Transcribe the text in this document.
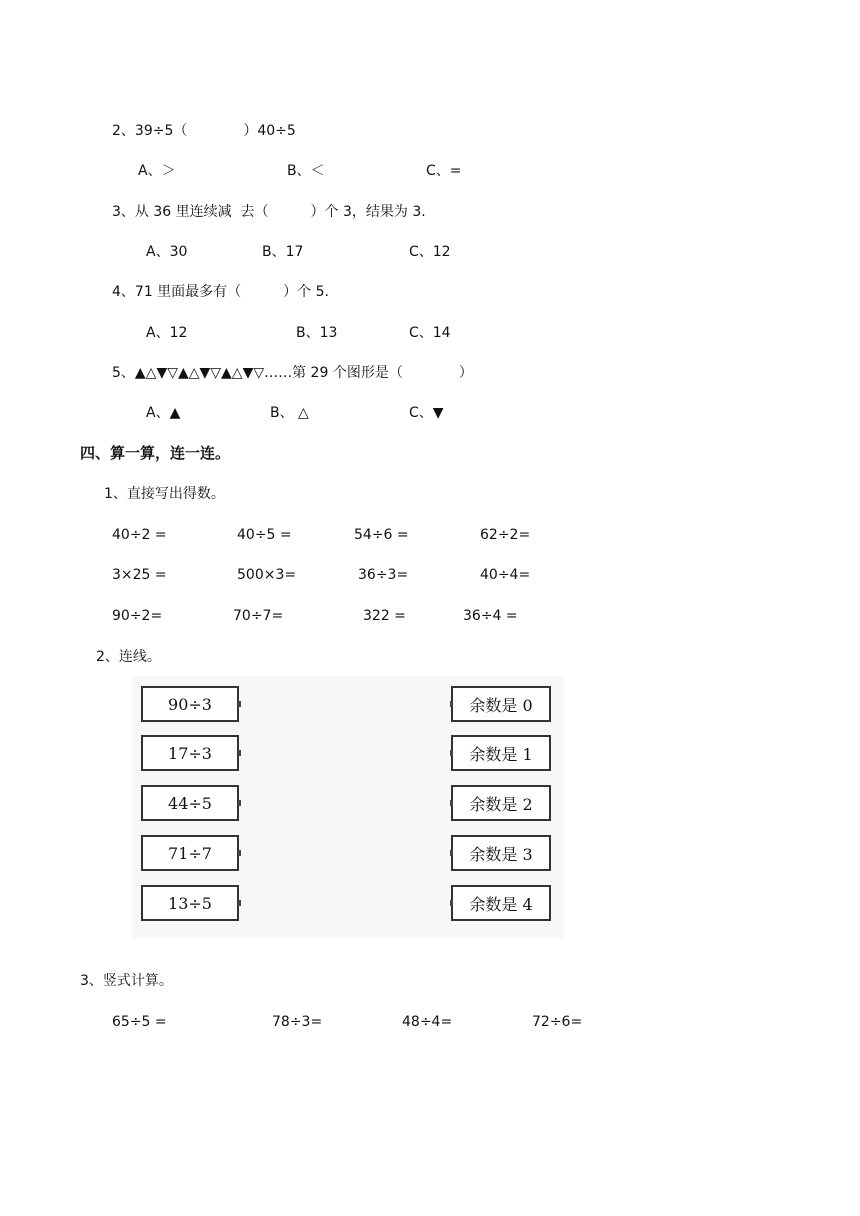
2、39÷5（　　　　）40÷5
A、＞	B、＜	C、=
3、从 36 里连续减  去（　　　）个 3，结果为 3.
A、30	B、17	C、12
4、71 里面最多有（　　　）个 5.
A、12	B、13	C、14
5、▲△▼▽▲△▼▽▲△▼▽……第 29 个图形是（　　　　）
A、▲	B、 △	C、▼
四、算一算，连一连。
1、直接写出得数。
40÷2 =	40÷5 =	54÷6 =	62÷2=
3×25 =	500×3=	36÷3=	40÷4=
90÷2=	70÷7=	322 =	36÷4 =
2、连线。
90÷3
17÷3
44÷5
71÷7
13÷5
余数是 0
余数是 1
余数是 2
余数是 3
余数是 4
3、竖式计算。
65÷5 =	78÷3=	48÷4=	72÷6=
